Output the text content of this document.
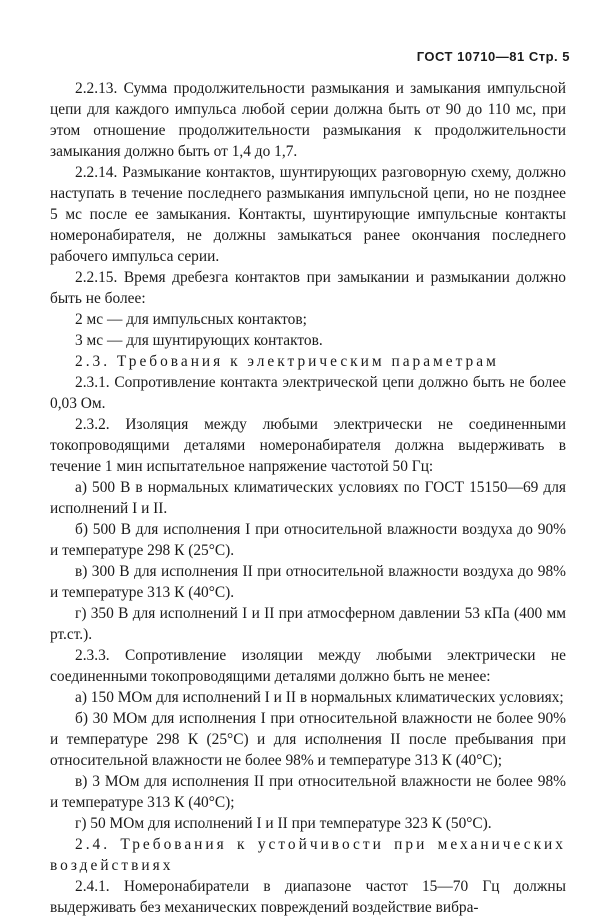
ГОСТ 10710—81 Стр. 5

2.2.13. Сумма продолжительности размыкания и замыкания импульсной цепи для каждого импульса любой серии должна быть от 90 до 110 мс, при этом отношение продолжительности размыкания к продолжительности замыкания должно быть от 1,4 до 1,7.

2.2.14. Размыкание контактов, шунтирующих разговорную схему, должно наступать в течение последнего размыкания импульсной цепи, но не позднее 5 мс после ее замыкания. Контакты, шунтирующие импульсные контакты номеронабирателя, не должны замыкаться ранее окончания последнего рабочего импульса серии.

2.2.15. Время дребезга контактов при замыкании и размыкании должно быть не более:

2 мс — для импульсных контактов;

3 мс — для шунтирующих контактов.

2.3. Требования к электрическим параметрам

2.3.1. Сопротивление контакта электрической цепи должно быть не более 0,03 Ом.

2.3.2. Изоляция между любыми электрически не соединенными токопроводящими деталями номеронабирателя должна выдерживать в течение 1 мин испытательное напряжение частотой 50 Гц:

а) 500 В в нормальных климатических условиях по ГОСТ 15150—69 для исполнений I и II.

б) 500 В для исполнения I при относительной влажности воздуха до 90% и температуре 298 К (25°С).

в) 300 В для исполнения II при относительной влажности воздуха до 98% и температуре 313 К (40°С).

г) 350 В для исполнений I и II при атмосферном давлении 53 кПа (400 мм рт.ст.).

2.3.3. Сопротивление изоляции между любыми электрически не соединенными токопроводящими деталями должно быть не менее:

а) 150 МОм для исполнений I и II в нормальных климатических условиях;

б) 30 МОм для исполнения I при относительной влажности не более 90% и температуре 298 К (25°С) и для исполнения II после пребывания при относительной влажности не более 98% и температуре 313 К (40°С);

в) 3 МОм для исполнения II при относительной влажности не более 98% и температуре 313 К (40°С);

г) 50 МОм для исполнений I и II при температуре 323 К (50°С).

2.4. Требования к устойчивости при механических воздействиях

2.4.1. Номеронабиратели в диапазоне частот 15—70 Гц должны выдерживать без механических повреждений воздействие вибра-
